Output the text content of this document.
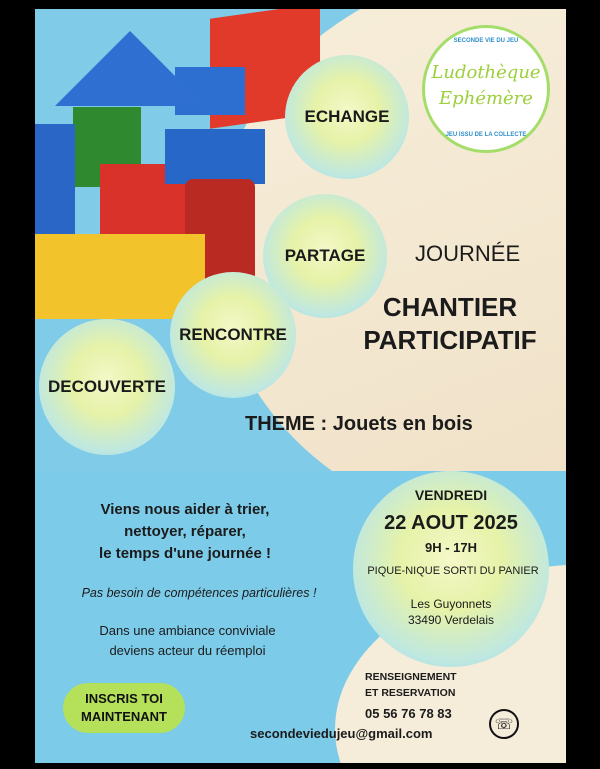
SECONDE VIE DU JEU
Ludothèque
Ephémère
JEU ISSU DE LA COLLECTE
ECHANGE
PARTAGE
RENCONTRE
DECOUVERTE
JOURNÉE
CHANTIER
PARTICIPATIF
THEME : Jouets en bois
VENDREDI
22 AOUT 2025
9H - 17H
PIQUE-NIQUE SORTI DU PANIER
Les Guyonnets
33490 Verdelais
Viens nous aider à trier,
nettoyer, réparer,
le temps d'une journée !
Pas besoin de compétences particulières !
Dans une ambiance conviviale
deviens acteur du réemploi
INSCRIS TOI
MAINTENANT
RENSEIGNEMENT
ET RESERVATION
05 56 76 78 83
secondeviedujeu@gmail.com
☏
